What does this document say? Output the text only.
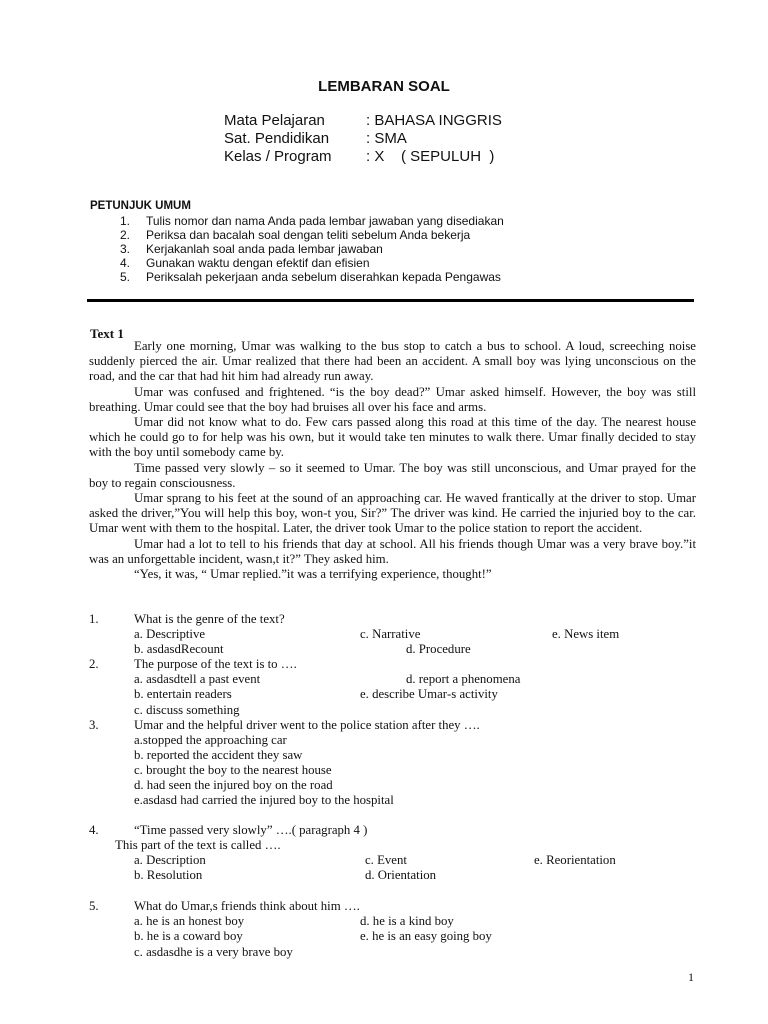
LEMBARAN SOAL
Mata Pelajaran	: BAHASA INGGRIS
Sat. Pendidikan : SMA
Kelas / Program : X    ( SEPULUH  )
PETUNJUK UMUM
1. Tulis nomor dan nama Anda pada lembar jawaban yang disediakan
2. Periksa dan bacalah soal dengan teliti sebelum Anda bekerja
3. Kerjakanlah soal anda pada lembar jawaban
4. Gunakan waktu dengan efektif dan efisien
5. Periksalah pekerjaan anda sebelum diserahkan kepada Pengawas
Text 1

Early one morning, Umar was walking to the bus stop to catch a bus to school. A loud, screeching noise suddenly pierced the air. Umar realized that there had been an accident. A small boy was lying unconscious on the road, and the car that had hit him had already run away.

Umar was confused and frightened. “is the boy dead?” Umar asked himself. However, the boy was still breathing. Umar could see that the boy had bruises all over his face and arms.

Umar did not know what to do. Few cars passed along this road at this time of the day. The nearest house which he could go to for help was his own, but it would take ten minutes to walk there. Umar finally decided to stay with the boy until somebody came by.

Time passed very slowly – so it seemed to Umar. The boy was still unconscious, and Umar prayed for the boy to regain consciousness.

Umar sprang to his feet at the sound of an approaching car. He waved frantically at the driver to stop. Umar asked the driver,”You will help this boy, won‑t you, Sir?” The driver was kind. He carried the injuried boy to the car. Umar went with them to the hospital. Later, the driver took Umar to the police station to report the accident.

Umar had a lot to tell to his friends that day at school. All his friends though Umar was a very brave boy.”it was an unforgettable incident, wasn,t it?” They asked him.

“Yes, it was, “ Umar replied.”it was a terrifying experience, thought!”

1.	What is the genre of the text?
a. Descriptive	c. Narrative	e. News item
b. asdasdRecount	d. Procedure
2.	The purpose of the text is to ….
a. asdasdtell a past event	d. report a phenomena
b. entertain readers	e. describe Umar‑s activity
c. discuss something
3.	Umar and the helpful driver went to the police station after they ….
a.stopped the approaching car
b. reported the accident they saw
c. brought the boy to the nearest house
d. had seen the injured boy on the road
e.asdasd had carried the injured boy to the hospital
4.	“Time passed very slowly” ….( paragraph 4 )
This part of the text is called ….
a. Description	c. Event	e. Reorientation
b. Resolution	d. Orientation
5.	What do Umar,s friends think about him ….
a. he is an honest boy	d. he is a kind boy
b. he is a coward boy	e. he is an easy going boy
c. asdasdhe is a very brave boy
1
